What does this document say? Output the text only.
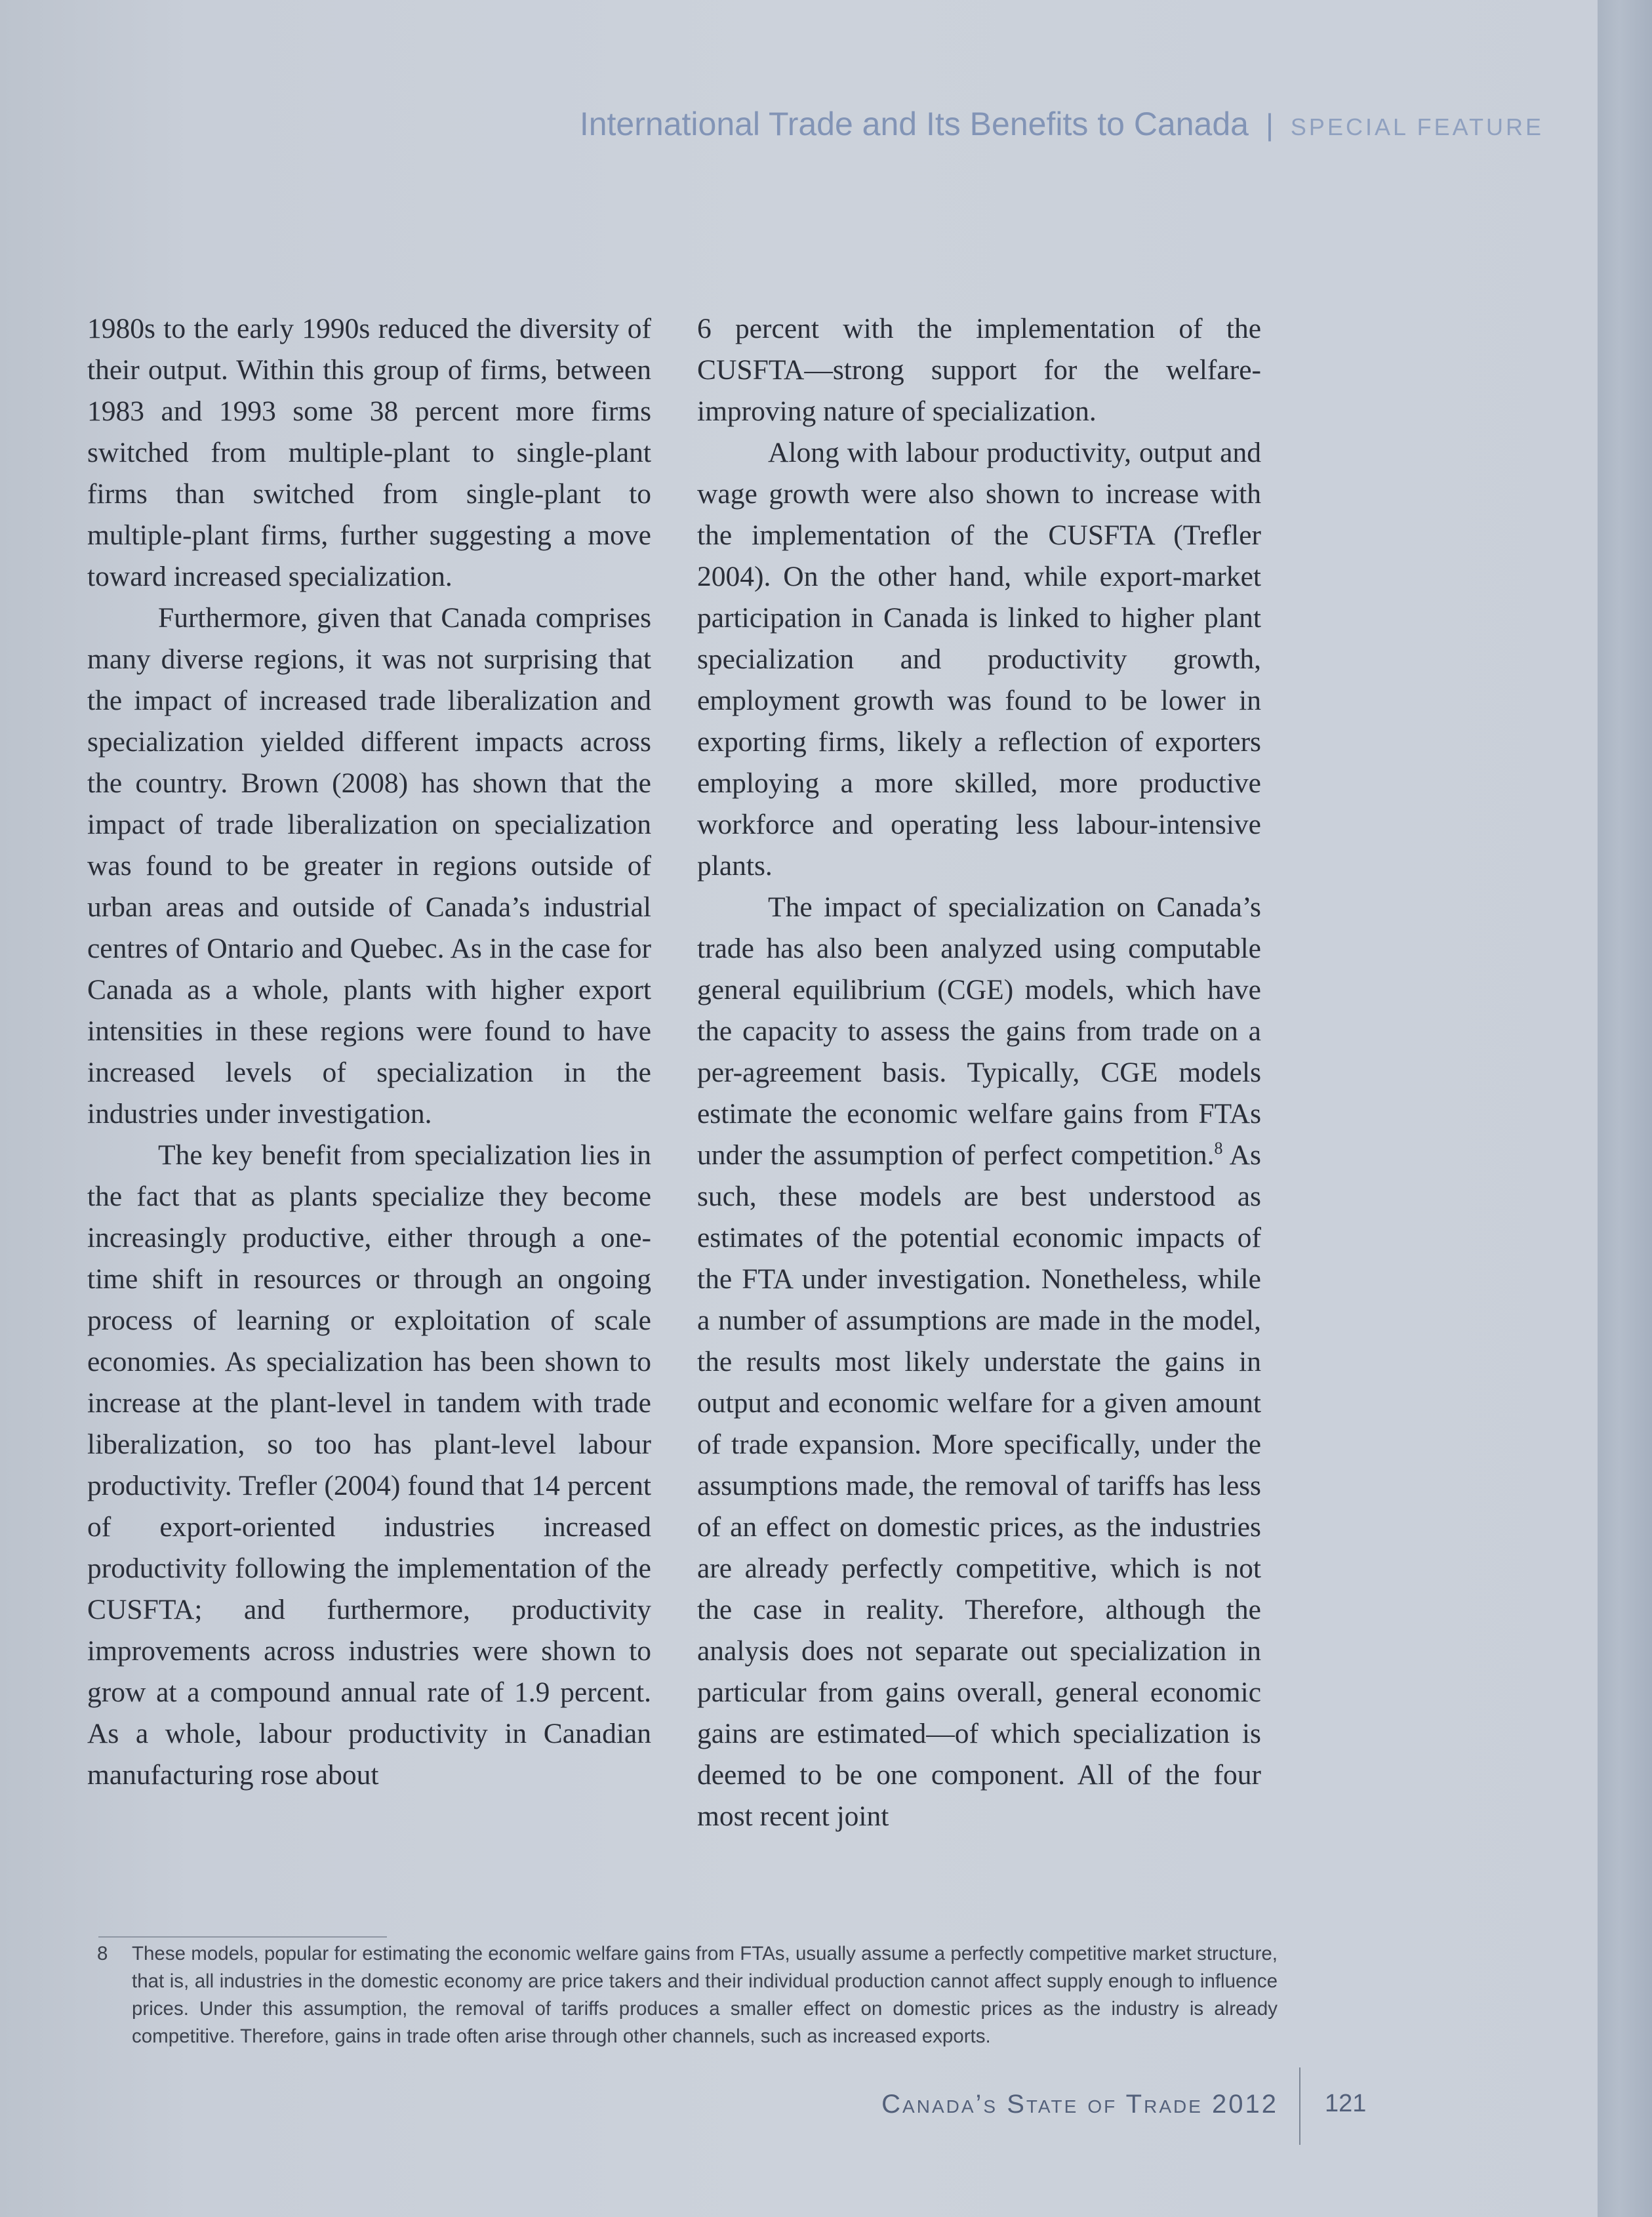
International Trade and Its Benefits to Canada | SPECIAL FEATURE

1980s to the early 1990s reduced the diversity of their output. Within this group of firms, between 1983 and 1993 some 38 percent more firms switched from multiple-plant to single-plant firms than switched from single-plant to multiple-plant firms, further suggesting a move toward increased specialization.

Furthermore, given that Canada comprises many diverse regions, it was not surprising that the impact of increased trade liberalization and specialization yielded different impacts across the country. Brown (2008) has shown that the impact of trade liberalization on specialization was found to be greater in regions outside of urban areas and outside of Canada’s industrial centres of Ontario and Quebec. As in the case for Canada as a whole, plants with higher export intensities in these regions were found to have increased levels of specialization in the industries under investigation.

The key benefit from specialization lies in the fact that as plants specialize they become increasingly productive, either through a one-time shift in resources or through an ongoing process of learning or exploitation of scale economies. As specialization has been shown to increase at the plant-level in tandem with trade liberalization, so too has plant-level labour productivity. Trefler (2004) found that 14 percent of export-oriented industries increased productivity following the implementation of the CUSFTA; and furthermore, productivity improvements across industries were shown to grow at a compound annual rate of 1.9 percent. As a whole, labour productivity in Canadian manufacturing rose about

6 percent with the implementation of the CUSFTA—strong support for the welfare-improving nature of specialization.

Along with labour productivity, output and wage growth were also shown to increase with the implementation of the CUSFTA (Trefler 2004). On the other hand, while export-market participation in Canada is linked to higher plant specialization and productivity growth, employment growth was found to be lower in exporting firms, likely a reflection of exporters employing a more skilled, more productive workforce and operating less labour-intensive plants.

The impact of specialization on Canada’s trade has also been analyzed using computable general equilibrium (CGE) models, which have the capacity to assess the gains from trade on a per-agreement basis. Typically, CGE models estimate the economic welfare gains from FTAs under the assumption of perfect competition.$^8$ As such, these models are best understood as estimates of the potential economic impacts of the FTA under investigation. Nonetheless, while a number of assumptions are made in the model, the results most likely understate the gains in output and economic welfare for a given amount of trade expansion. More specifically, under the assumptions made, the removal of tariffs has less of an effect on domestic prices, as the industries are already perfectly competitive, which is not the case in reality. Therefore, although the analysis does not separate out specialization in particular from gains overall, general economic gains are estimated—of which specialization is deemed to be one component. All of the four most recent joint

8 These models, popular for estimating the economic welfare gains from FTAs, usually assume a perfectly competitive market structure, that is, all industries in the domestic economy are price takers and their individual production cannot affect supply enough to influence prices. Under this assumption, the removal of tariffs produces a smaller effect on domestic prices as the industry is already competitive. Therefore, gains in trade often arise through other channels, such as increased exports.
Canada’s State of Trade 2012 121
